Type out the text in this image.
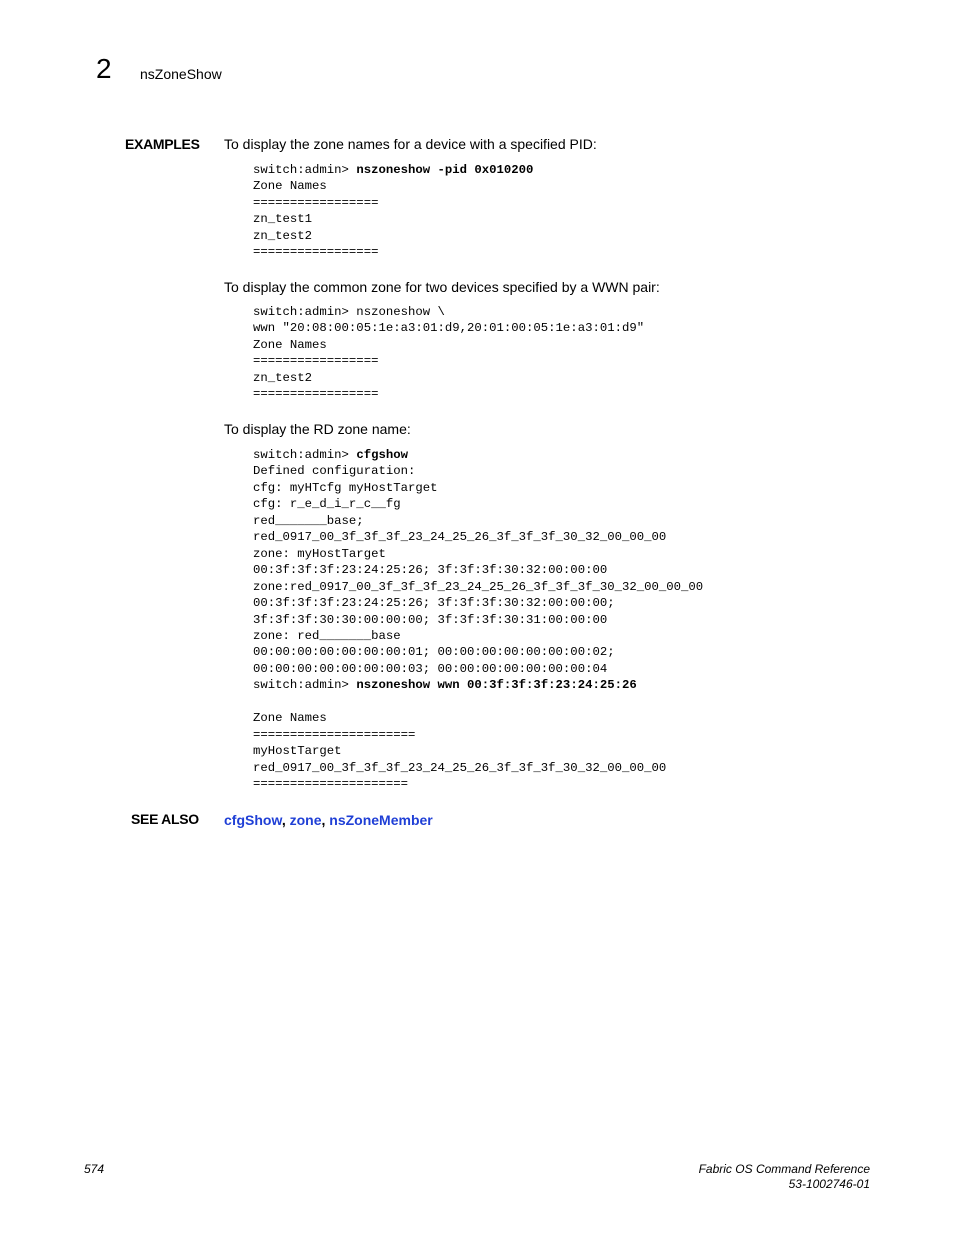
2 nsZoneShow
EXAMPLES To display the zone names for a device with a specified PID:
switch:admin> nszoneshow -pid 0x010200
Zone Names
=================
zn_test1
zn_test2
=================
To display the common zone for two devices specified by a WWN pair:
switch:admin> nszoneshow \
wwn "20:08:00:05:1e:a3:01:d9,20:01:00:05:1e:a3:01:d9"
Zone Names
=================
zn_test2
=================
To display the RD zone name:
switch:admin> cfgshow
Defined configuration:
cfg: myHTcfg myHostTarget
cfg: r_e_d_i_r_c__fg
red_______base;
red_0917_00_3f_3f_3f_23_24_25_26_3f_3f_3f_30_32_00_00_00
zone: myHostTarget
00:3f:3f:3f:23:24:25:26; 3f:3f:3f:30:32:00:00:00
zone:red_0917_00_3f_3f_3f_23_24_25_26_3f_3f_3f_30_32_00_00_00
00:3f:3f:3f:23:24:25:26; 3f:3f:3f:30:32:00:00:00;
3f:3f:3f:30:30:00:00:00; 3f:3f:3f:30:31:00:00:00
zone: red_______base
00:00:00:00:00:00:00:01; 00:00:00:00:00:00:00:02;
00:00:00:00:00:00:00:03; 00:00:00:00:00:00:00:04
switch:admin> nszoneshow wwn 00:3f:3f:3f:23:24:25:26

Zone Names
======================
myHostTarget
red_0917_00_3f_3f_3f_23_24_25_26_3f_3f_3f_30_32_00_00_00
=====================
SEE ALSO cfgShow, zone, nsZoneMember
574	Fabric OS Command Reference
53-1002746-01
